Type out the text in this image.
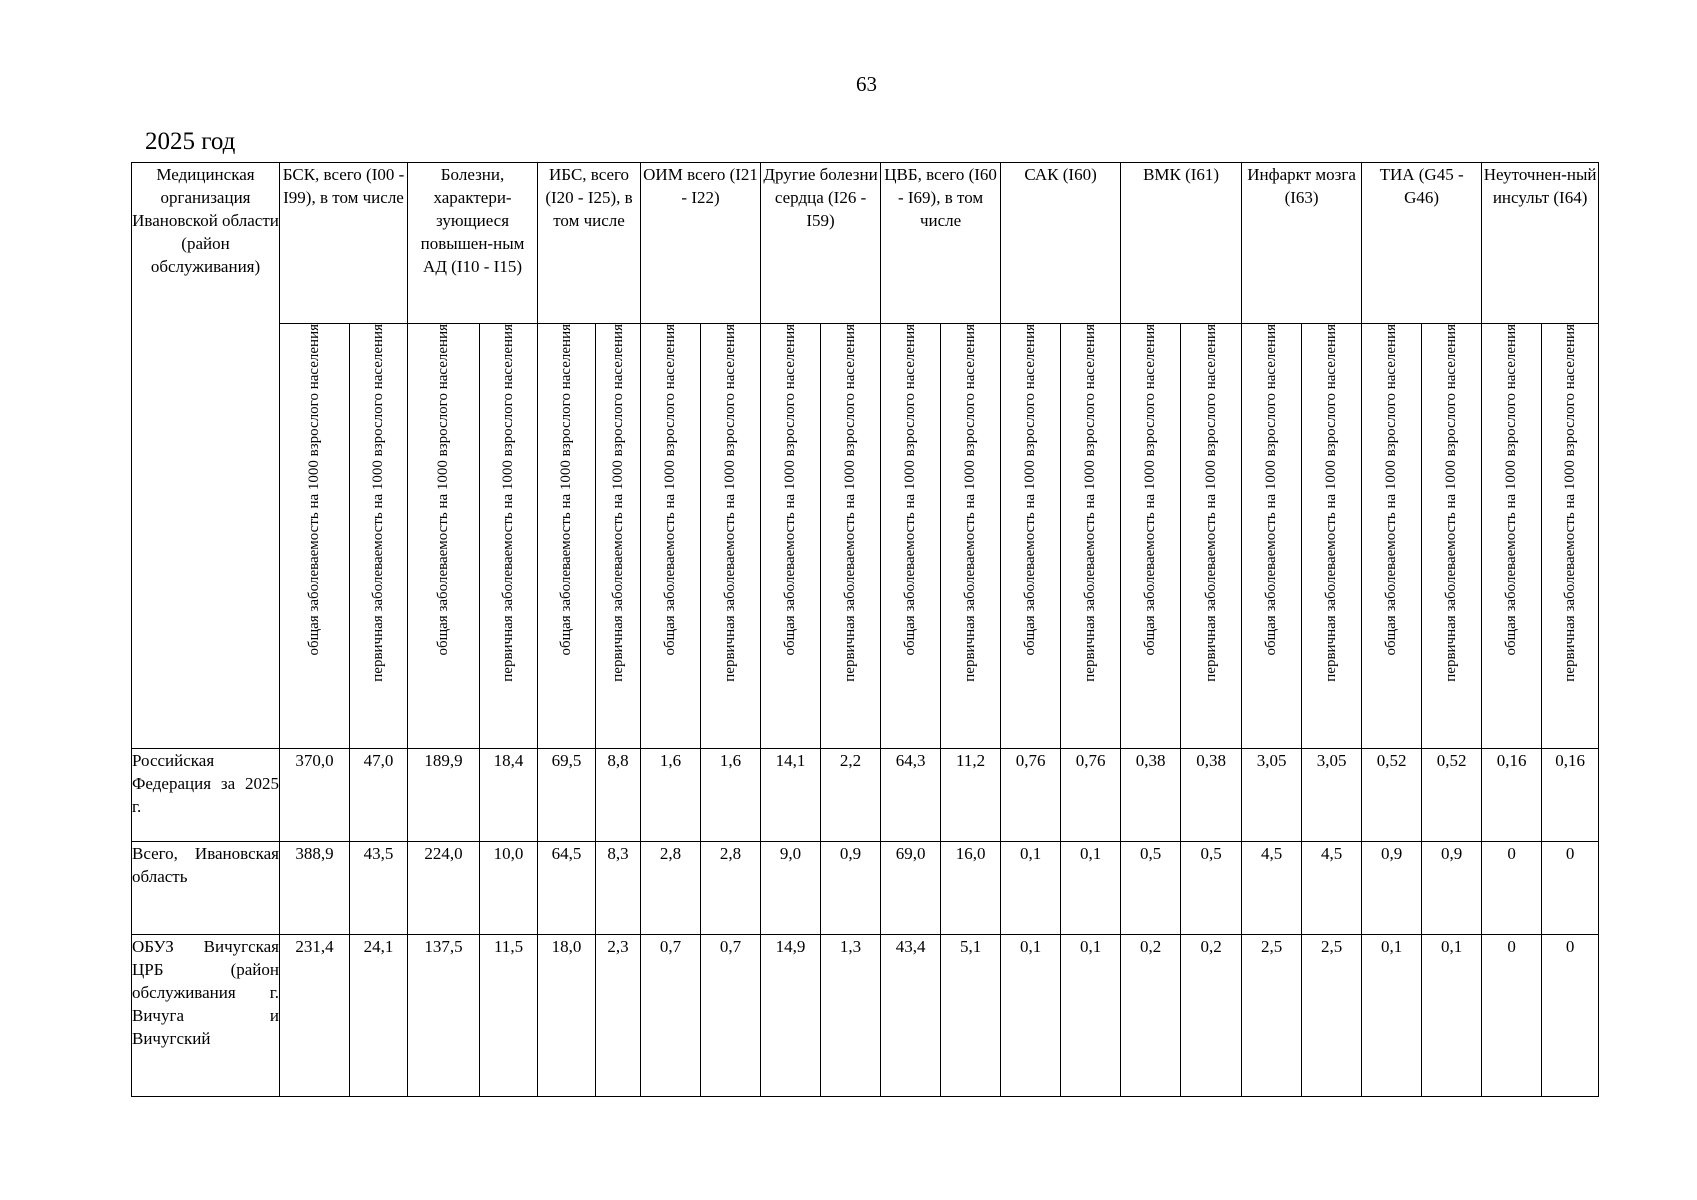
63
2025 год
Медицинская организация Ивановской области (район обслуживания)	БСК, всего (I00 - I99), в том числе		Болезни, характери-зующиеся повышен-ным АД (I10 - I15)		ИБС, всего (I20 - I25), в том числе		ОИМ всего (I21 - I22)		Другие болезни сердца (I26 - I59)		ЦВБ, всего (I60 - I69), в том числе		САК (I60)		ВМК (I61)		Инфаркт мозга (I63)		ТИА (G45 - G46)		Неуточнен-ный инсульт (I64)	
	общая заболеваемость на 1000 взрослого населения	первичная заболеваемость на 1000 взрослого населения	общая заболеваемость на 1000 взрослого населения	первичная заболеваемость на 1000 взрослого населения	общая заболеваемость на 1000 взрослого населения	первичная заболеваемость на 1000 взрослого населения	общая заболеваемость на 1000 взрослого населения	первичная заболеваемость на 1000 взрослого населения	общая заболеваемость на 1000 взрослого населения	первичная заболеваемость на 1000 взрослого населения	общая заболеваемость на 1000 взрослого населения	первичная заболеваемость на 1000 взрослого населения	общая заболеваемость на 1000 взрослого населения	первичная заболеваемость на 1000 взрослого населения	общая заболеваемость на 1000 взрослого населения	первичная заболеваемость на 1000 взрослого населения	общая заболеваемость на 1000 взрослого населения	первичная заболеваемость на 1000 взрослого населения	общая заболеваемость на 1000 взрослого населения	первичная заболеваемость на 1000 взрослого населения	общая заболеваемость на 1000 взрослого населения	первичная заболеваемость на 1000 взрослого населения
Российская Федерация за 2025 г.	370,0	47,0	189,9	18,4	69,5	8,8	1,6	1,6	14,1	2,2	64,3	11,2	0,76	0,76	0,38	0,38	3,05	3,05	0,52	0,52	0,16	0,16
Всего, Ивановская область	388,9	43,5	224,0	10,0	64,5	8,3	2,8	2,8	9,0	0,9	69,0	16,0	0,1	0,1	0,5	0,5	4,5	4,5	0,9	0,9	0	0
ОБУЗ Вичугская ЦРБ (район обслуживания г. Вичуга и Вичугский	231,4	24,1	137,5	11,5	18,0	2,3	0,7	0,7	14,9	1,3	43,4	5,1	0,1	0,1	0,2	0,2	2,5	2,5	0,1	0,1	0	0
